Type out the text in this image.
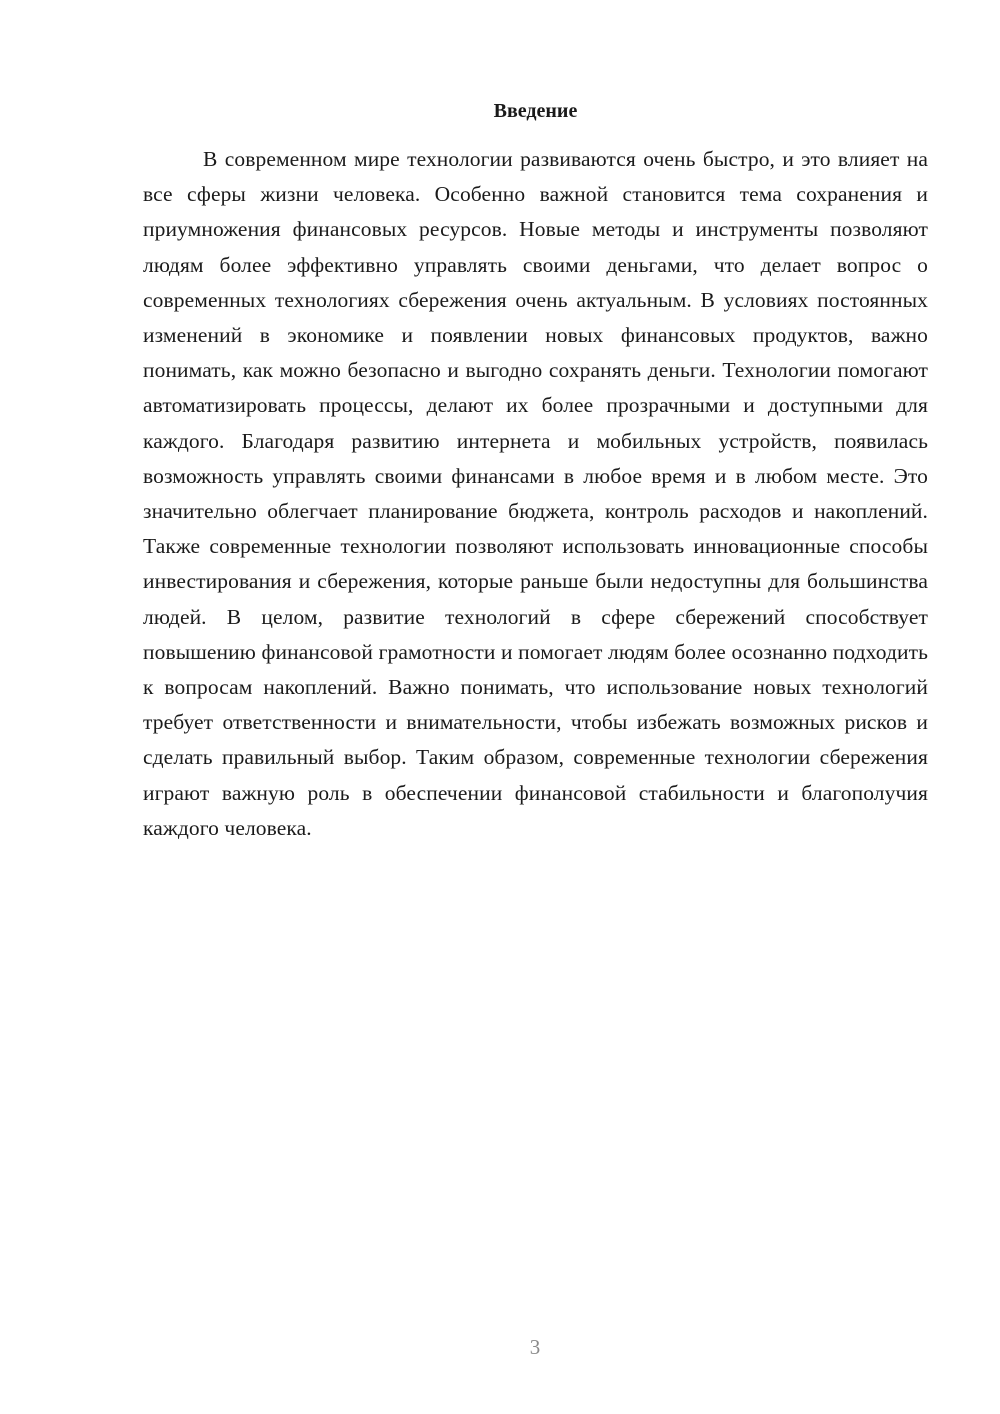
Введение

В современном мире технологии развиваются очень быстро, и это влияет на все сферы жизни человека. Особенно важной становится тема сохранения и приумножения финансовых ресурсов. Новые методы и инструменты позволяют людям более эффективно управлять своими деньгами, что делает вопрос о современных технологиях сбережения очень актуальным. В условиях постоянных изменений в экономике и появлении новых финансовых продуктов, важно понимать, как можно безопасно и выгодно сохранять деньги. Технологии помогают автоматизировать процессы, делают их более прозрачными и доступными для каждого. Благодаря развитию интернета и мобильных устройств, появилась возможность управлять своими финансами в любое время и в любом месте. Это значительно облегчает планирование бюджета, контроль расходов и накоплений. Также современные технологии позволяют использовать инновационные способы инвестирования и сбережения, которые раньше были недоступны для большинства людей. В целом, развитие технологий в сфере сбережений способствует повышению финансовой грамотности и помогает людям более осознанно подходить к вопросам накоплений. Важно понимать, что использование новых технологий требует ответственности и внимательности, чтобы избежать возможных рисков и сделать правильный выбор. Таким образом, современные технологии сбережения играют важную роль в обеспечении финансовой стабильности и благополучия каждого человека.

3
